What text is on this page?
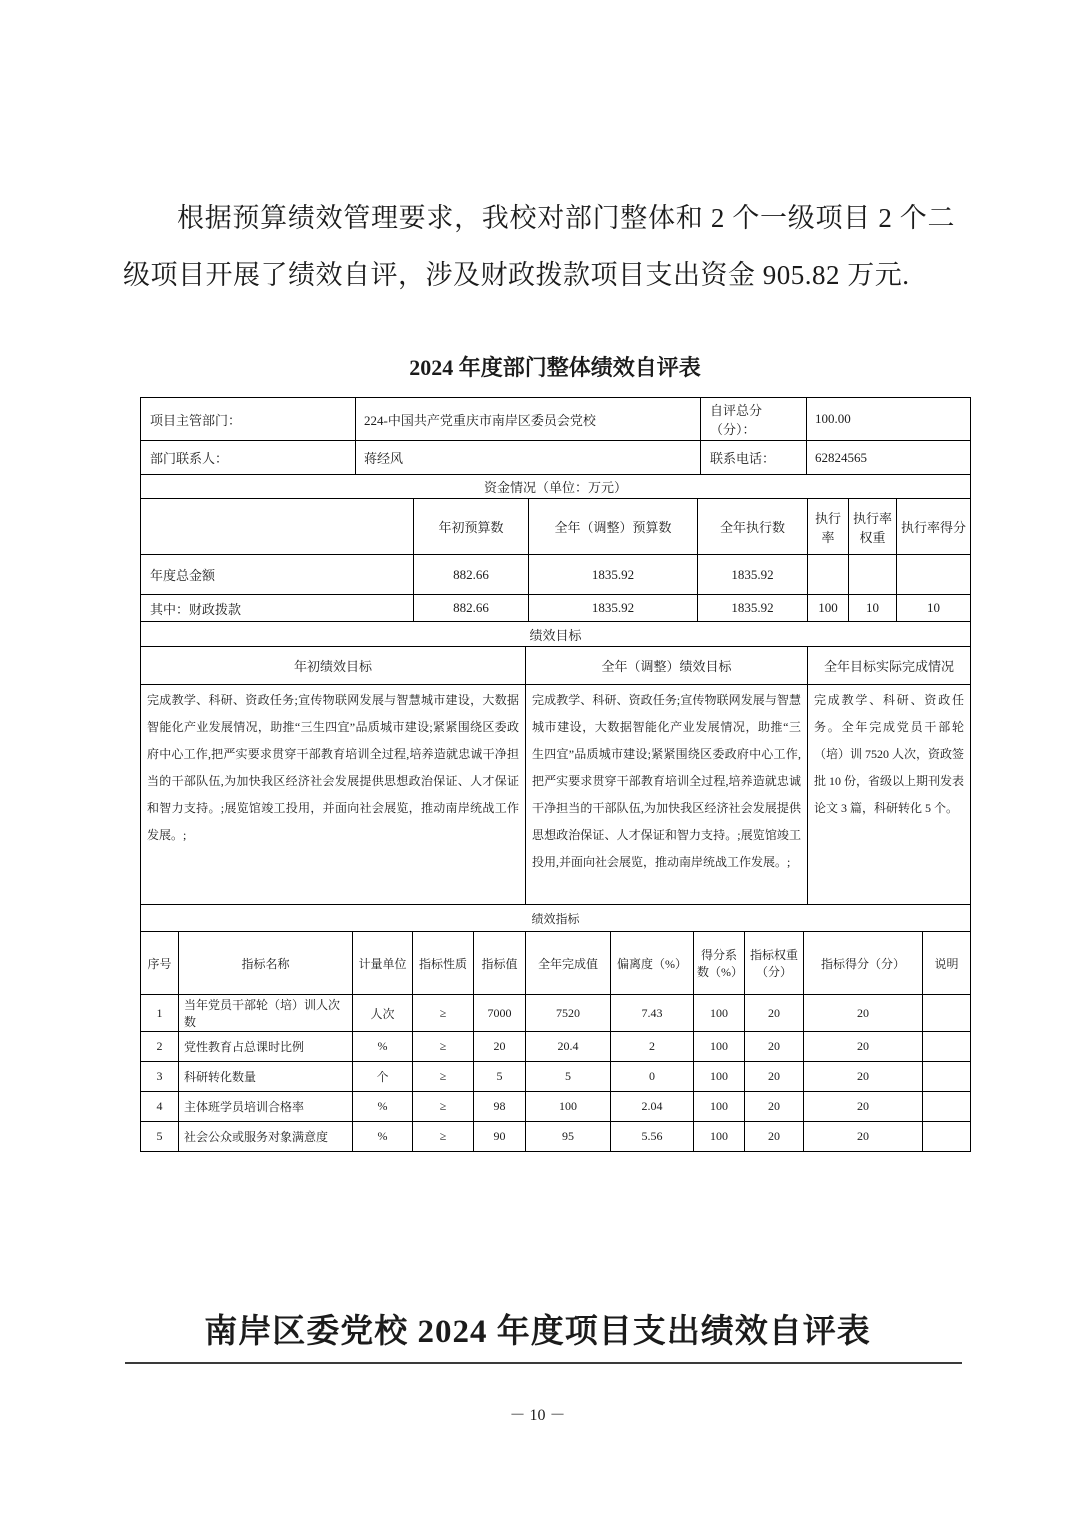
根据预算绩效管理要求，我校对部门整体和 2 个一级项目 2 个二级项目开展了绩效自评，涉及财政拨款项目支出资金 905.82 万元.

2024 年度部门整体绩效自评表
项目主管部门：	224-中国共产党重庆市南岸区委员会党校	自评总分（分）：	100.00
部门联系人：	蒋经风	联系电话：	62824565
资金情况（单位：万元）						
	年初预算数	全年（调整）预算数	全年执行数	执行率	执行率权重	执行率得分
年度总金额	882.66	1835.92	1835.92			
其中：财政拨款	882.66	1835.92	1835.92	100	10	10
绩效目标		
年初绩效目标	全年（调整）绩效目标	全年目标实际完成情况
完成教学、科研、资政任务;宣传物联网发展与智慧城市建设，大数据智能化产业发展情况，助推“三生四宜”品质城市建设;紧紧围绕区委政府中心工作,把严实要求贯穿干部教育培训全过程,培养造就忠诚干净担当的干部队伍,为加快我区经济社会发展提供思想政治保证、人才保证和智力支持。;展览馆竣工投用，并面向社会展览，推动南岸统战工作发展。;	完成教学、科研、资政任务;宣传物联网发展与智慧城市建设，大数据智能化产业发展情况，助推“三生四宜”品质城市建设;紧紧围绕区委政府中心工作,把严实要求贯穿干部教育培训全过程,培养造就忠诚干净担当的干部队伍,为加快我区经济社会发展提供思想政治保证、人才保证和智力支持。;展览馆竣工投用,并面向社会展览，推动南岸统战工作发展。;	完成教学、科研、资政任务。全年完成党员干部轮（培）训 7520 人次，资政签批 10 份，省级以上期刊发表论文 3 篇，科研转化 5 个。
绩效指标										
序号	指标名称	计量单位	指标性质	指标值	全年完成值	偏离度（%）	得分系数（%）	指标权重（分）	指标得分（分）	说明
1	当年党员干部轮（培）训人次数	人次	≥	7000	7520	7.43	100	20	20	
2	党性教育占总课时比例	%	≥	20	20.4	2	100	20	20	
3	科研转化数量	个	≥	5	5	0	100	20	20	
4	主体班学员培训合格率	%	≥	98	100	2.04	100	20	20	
5	社会公众或服务对象满意度	%	≥	90	95	5.56	100	20	20	
南岸区委党校 2024 年度项目支出绩效自评表
－ 10 －
